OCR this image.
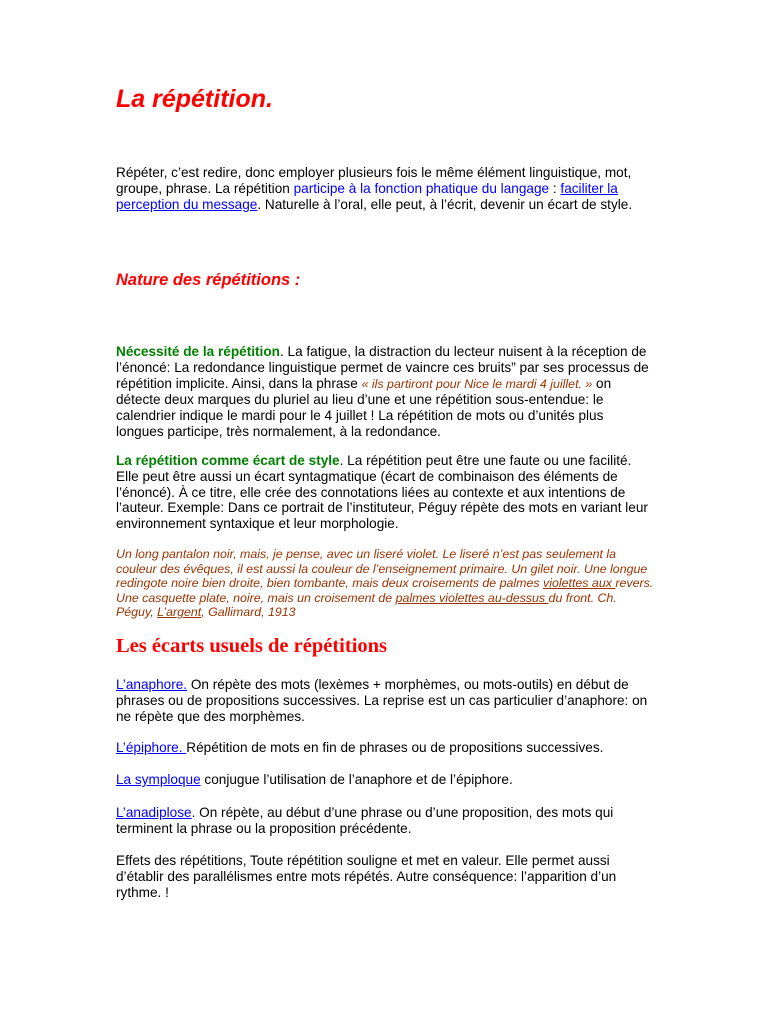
La répétition.

Répéter, c’est redire, donc employer plusieurs fois le même élément linguistique, mot, groupe, phrase. La répétition participe à la fonction phatique du langage : faciliter la perception du message. Naturelle à l’oral, elle peut, à l’écrit, devenir un écart de style.

Nature des répétitions :

Nécessité de la répétition. La fatigue, la distraction du lecteur nuisent à la réception de l’énoncé: La redondance linguistique permet de vaincre ces bruits” par ses processus de répétition implicite. Ainsi, dans la phrase « ils partiront pour Nice le mardi 4 juillet. » on détecte deux marques du pluriel au lieu d’une et une répétition sous-entendue: le calendrier indique le mardi pour le 4 juillet ! La répétition de mots ou d’unités plus longues participe, très normalement, à la redondance.

La répétition comme écart de style. La répétition peut être une faute ou une facilité. Elle peut être aussi un écart syntagmatique (écart de combinaison des éléments de l’énoncé). À ce titre, elle crée des connotations liées au contexte et aux intentions de l’auteur. Exemple: Dans ce portrait de l’instituteur, Péguy répète des mots en variant leur environnement syntaxique et leur morphologie.

Un long pantalon noir, mais, je pense, avec un liseré violet. Le liseré n’est pas seulement la couleur des évêques, il est aussi la couleur de l’enseignement primaire. Un gilet noir. Une longue redingote noire bien droite, bien tombante, mais deux croisements de palmes violettes aux revers. Une casquette plate, noire, mais un croisement de palmes violettes au-dessus du front. Ch. Péguy, L’argent, Gallimard, 1913

Les écarts usuels de répétitions

L’anaphore. On répète des mots (lexèmes + morphèmes, ou mots-outils) en début de phrases ou de propositions successives. La reprise est un cas particulier d’anaphore: on ne répète que des morphèmes.

L’épiphore. Répétition de mots en fin de phrases ou de propositions successives.

La symploque conjugue l’utilisation de l’anaphore et de l’épiphore.

L’anadiplose. On répète, au début d’une phrase ou d’une proposition, des mots qui terminent la phrase ou la proposition précédente.

Effets des répétitions, Toute répétition souligne et met en valeur. Elle permet aussi d’établir des parallélismes entre mots répétés. Autre conséquence: l’apparition d’un rythme. !
